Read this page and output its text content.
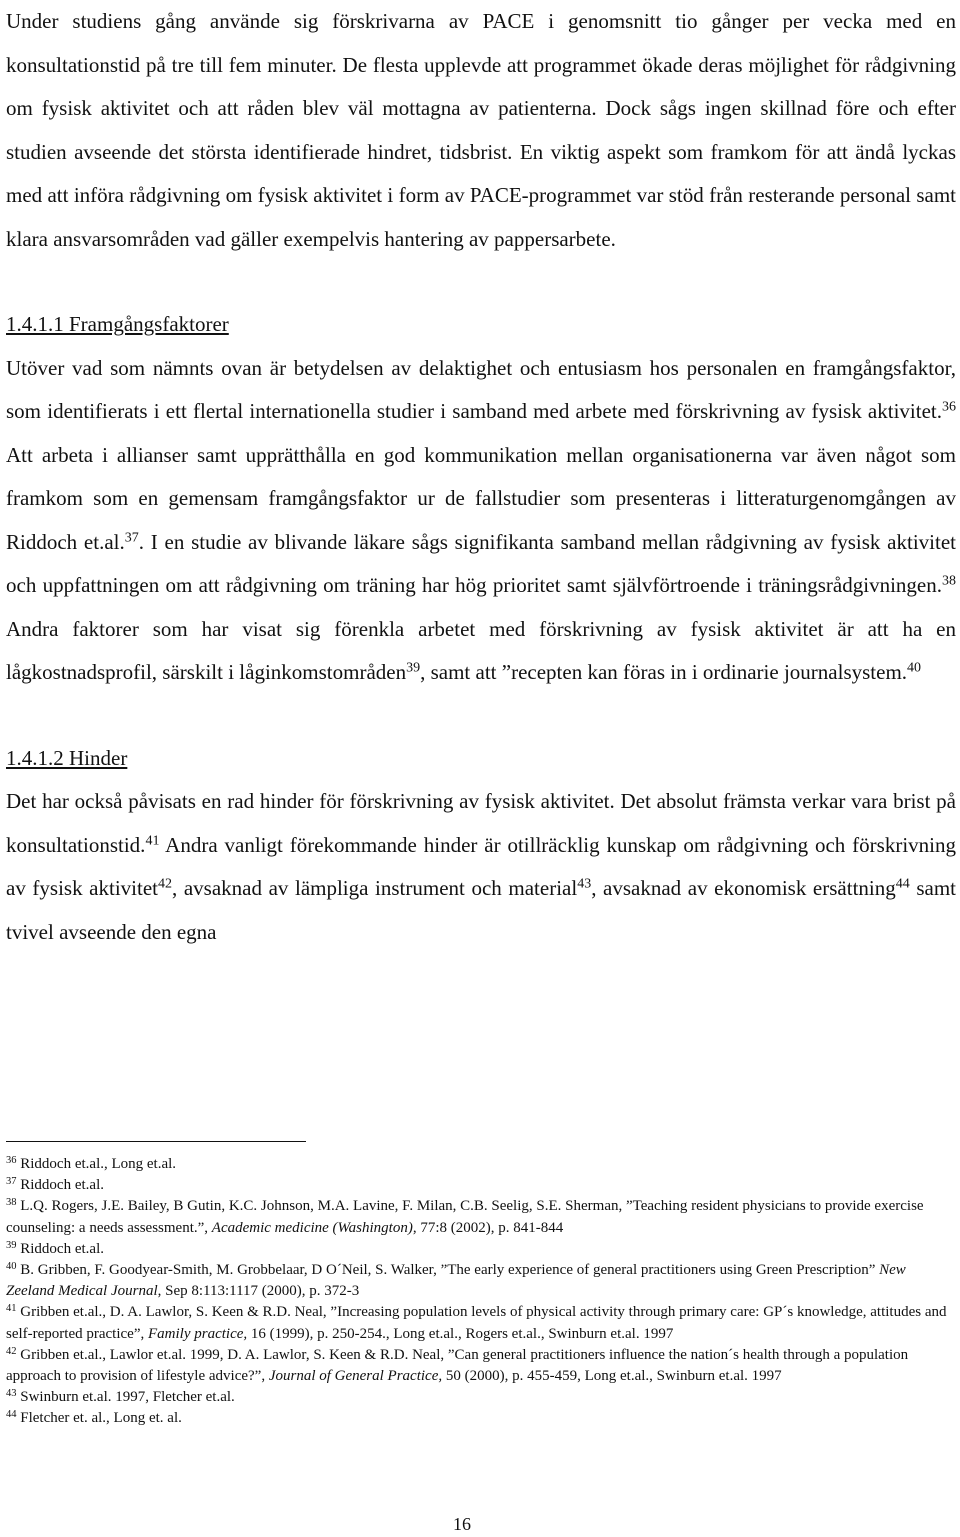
Under studiens gång använde sig förskrivarna av PACE i genomsnitt tio gånger per vecka med en konsultationstid på tre till fem minuter. De flesta upplevde att programmet ökade deras möjlighet för rådgivning om fysisk aktivitet och att råden blev väl mottagna av patienterna. Dock sågs ingen skillnad före och efter studien avseende det största identifierade hindret, tidsbrist. En viktig aspekt som framkom för att ändå lyckas med att införa rådgivning om fysisk aktivitet i form av PACE-programmet var stöd från resterande personal samt klara ansvarsområden vad gäller exempelvis hantering av pappersarbete.

1.4.1.1 Framgångsfaktorer

Utöver vad som nämnts ovan är betydelsen av delaktighet och entusiasm hos personalen en framgångsfaktor, som identifierats i ett flertal internationella studier i samband med arbete med förskrivning av fysisk aktivitet.$^{36}$ Att arbeta i allianser samt upprätthålla en god kommunikation mellan organisationerna var även något som framkom som en gemensam framgångsfaktor ur de fallstudier som presenteras i litteraturgenomgången av Riddoch et.al.$^{37}$. I en studie av blivande läkare sågs signifikanta samband mellan rådgivning av fysisk aktivitet och uppfattningen om att rådgivning om träning har hög prioritet samt självförtroende i träningsrådgivningen.$^{38}$ Andra faktorer som har visat sig förenkla arbetet med förskrivning av fysisk aktivitet är att ha en lågkostnadsprofil, särskilt i låginkomstområden$^{39}$, samt att ”recepten kan föras in i ordinarie journalsystem.$^{40}$

1.4.1.2 Hinder

Det har också påvisats en rad hinder för förskrivning av fysisk aktivitet. Det absolut främsta verkar vara brist på konsultationstid.$^{41}$ Andra vanligt förekommande hinder är otillräcklig kunskap om rådgivning och förskrivning av fysisk aktivitet$^{42}$, avsaknad av lämpliga instrument och material$^{43}$, avsaknad av ekonomisk ersättning$^{44}$ samt tvivel avseende den egna

$^{36}$ Riddoch et.al., Long et.al.
$^{37}$ Riddoch et.al.
$^{38}$ L.Q. Rogers, J.E. Bailey, B Gutin, K.C. Johnson, M.A. Lavine, F. Milan, C.B. Seelig, S.E. Sherman, ”Teaching resident physicians to provide exercise counseling: a needs assessment.”, Academic medicine (Washington), 77:8 (2002), p. 841-844
$^{39}$ Riddoch et.al.
$^{40}$ B. Gribben, F. Goodyear-Smith, M. Grobbelaar, D O´Neil, S. Walker, ”The early experience of general practitioners using Green Prescription” New Zeeland Medical Journal, Sep 8:113:1117 (2000), p. 372-3
$^{41}$ Gribben et.al., D. A. Lawlor, S. Keen & R.D. Neal, ”Increasing population levels of physical activity through primary care: GP´s knowledge, attitudes and self-reported practice”, Family practice, 16 (1999), p. 250-254., Long et.al., Rogers et.al., Swinburn et.al. 1997
$^{42}$ Gribben et.al., Lawlor et.al. 1999, D. A. Lawlor, S. Keen & R.D. Neal, ”Can general practitioners influence the nation´s health through a population approach to provision of lifestyle advice?”, Journal of General Practice, 50 (2000), p. 455-459, Long et.al., Swinburn et.al. 1997
$^{43}$ Swinburn et.al. 1997, Fletcher et.al.
$^{44}$ Fletcher et. al., Long et. al.
16
